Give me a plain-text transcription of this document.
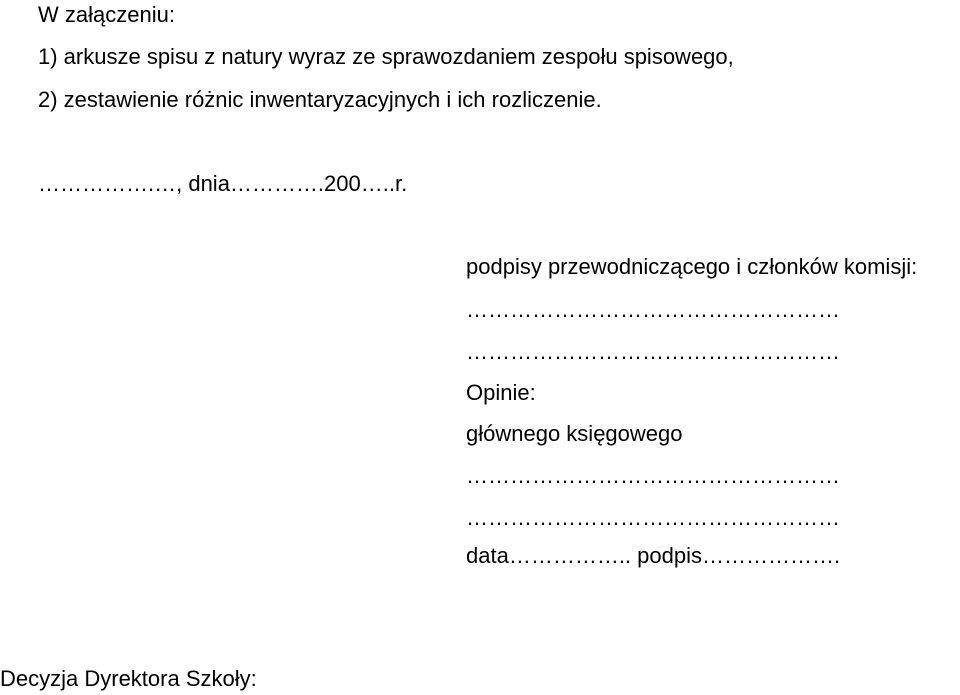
W załączeniu:
1) arkusze spisu z natury wyraz ze sprawozdaniem zespołu spisowego,
2) zestawienie różnic inwentaryzacyjnych i ich rozliczenie.
…………….…, dnia………….200…..r.
podpisy przewodniczącego i członków komisji:
……………………………………………
……………………………………………
Opinie:
głównego księgowego
……………………………………………
……………………………………………
data…………….. podpis……………….
Decyzja Dyrektora Szkoły:
